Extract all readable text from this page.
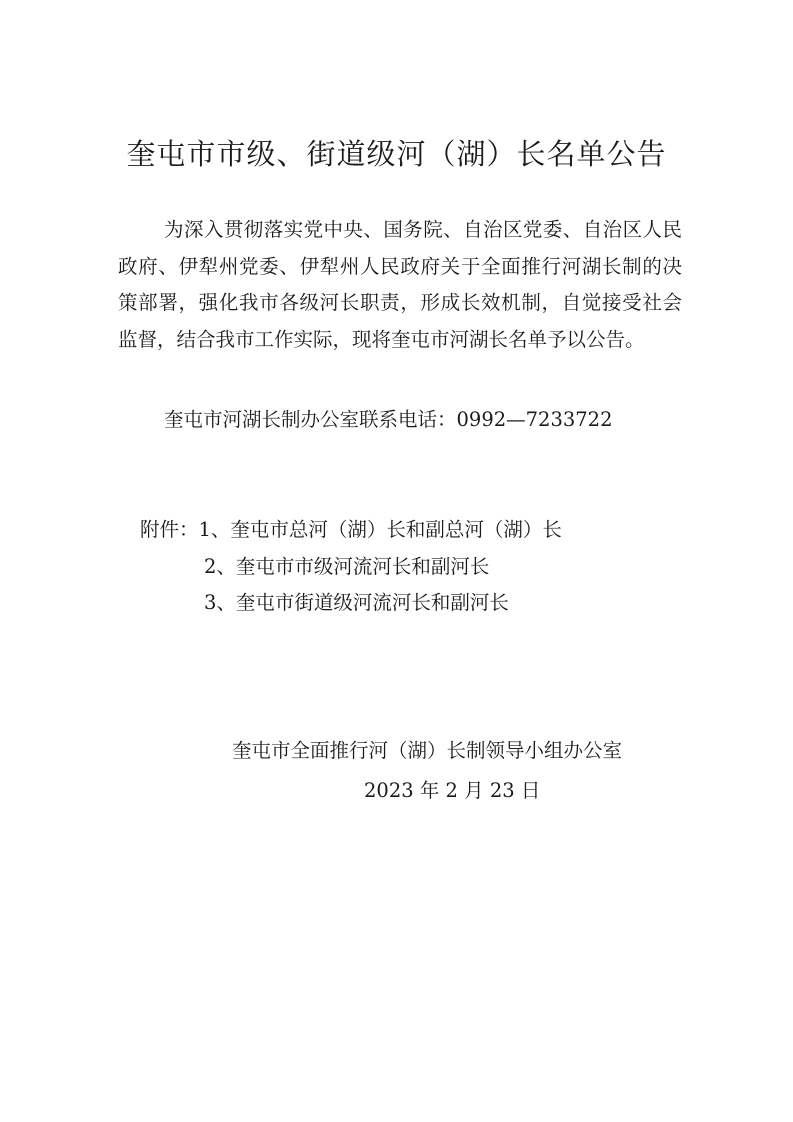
奎屯市市级、街道级河（湖）长名单公告

为深入贯彻落实党中央、国务院、自治区党委、自治区人民政府、伊犁州党委、伊犁州人民政府关于全面推行河湖长制的决策部署，强化我市各级河长职责，形成长效机制，自觉接受社会监督，结合我市工作实际，现将奎屯市河湖长名单予以公告。

奎屯市河湖长制办公室联系电话：0992—7233722
附件：1、奎屯市总河（湖）长和副总河（湖）长
2、奎屯市市级河流河长和副河长
3、奎屯市街道级河流河长和副河长
奎屯市全面推行河（湖）长制领导小组办公室
2023 年 2 月 23 日
